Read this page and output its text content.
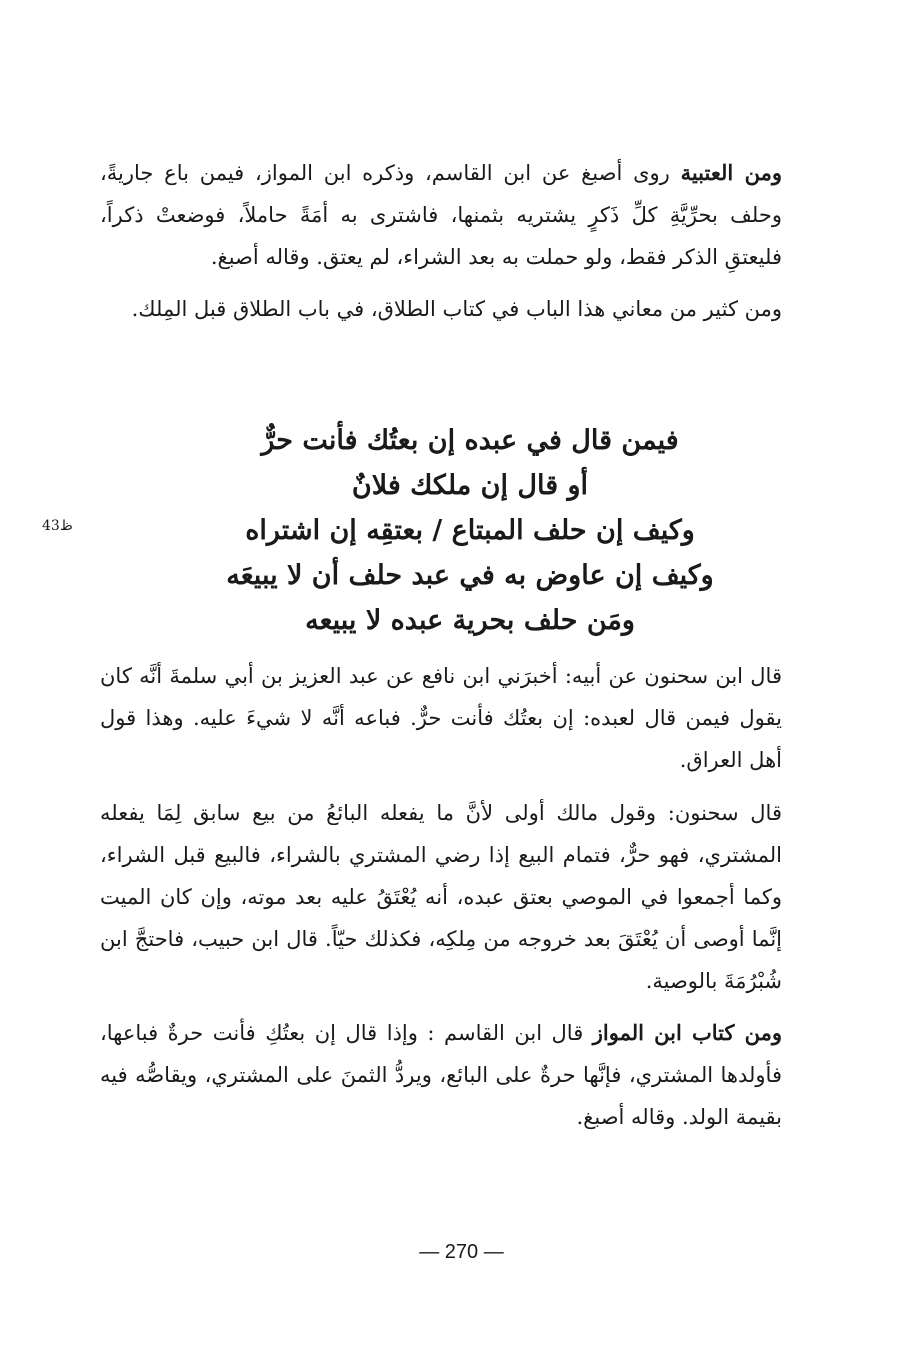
ومن العتبية روى أصبغ عن ابن القاسم، وذكره ابن المواز، فيمن باع جاريةً، وحلف بحرِّيَّةِ كلِّ ذَكرٍ يشتريه بثمنها، فاشترى به أمَةً حاملاً، فوضعتْ ذكراً، فليعتقِ الذكر فقط، ولو حملت به بعد الشراء، لم يعتق. وقاله أصبغ.
ومن كثير من معاني هذا الباب في كتاب الطلاق، في باب الطلاق قبل المِلك.
فيمن قال في عبده إن بعتُك فأنت حرٌّ
أو قال إن ملكك فلانٌ
وكيف إن حلف المبتاع / بعتقِه إن اشتراه
وكيف إن عاوض به في عبد حلف أن لا يبيعَه
ومَن حلف بحرية عبده لا يبيعه
ظ43
قال ابن سحنون عن أبيه: أخبرَني ابن نافع عن عبد العزيز بن أبي سلمةَ أنَّه كان يقول فيمن قال لعبده: إن بعتُك فأنت حرٌّ. فباعه أنَّه لا شيءَ عليه. وهذا قول أهل العراق.
قال سحنون: وقول مالك أولى لأنَّ ما يفعله البائعُ من بيع سابق لِمَا يفعله المشتري، فهو حرٌّ، فتمام البيع إذا رضي المشتري بالشراء، فالبيع قبل الشراء، وكما أجمعوا في الموصي بعتق عبده، أنه يُعْتَقُ عليه بعد موته، وإن كان الميت إنَّما أوصى أن يُعْتَقَ بعد خروجه من مِلكِه، فكذلك حيّاً. قال ابن حبيب، فاحتجَّ ابن شُبْرُمَةَ بالوصية.
ومن كتاب ابن المواز قال ابن القاسم : وإذا قال إن بعتُكِ فأنت حرةٌ فباعها، فأولدها المشتري، فإنَّها حرةٌ على البائع، ويردُّ الثمنَ على المشتري، ويقاصُّه فيه بقيمة الولد. وقاله أصبغ.
— 270 —
